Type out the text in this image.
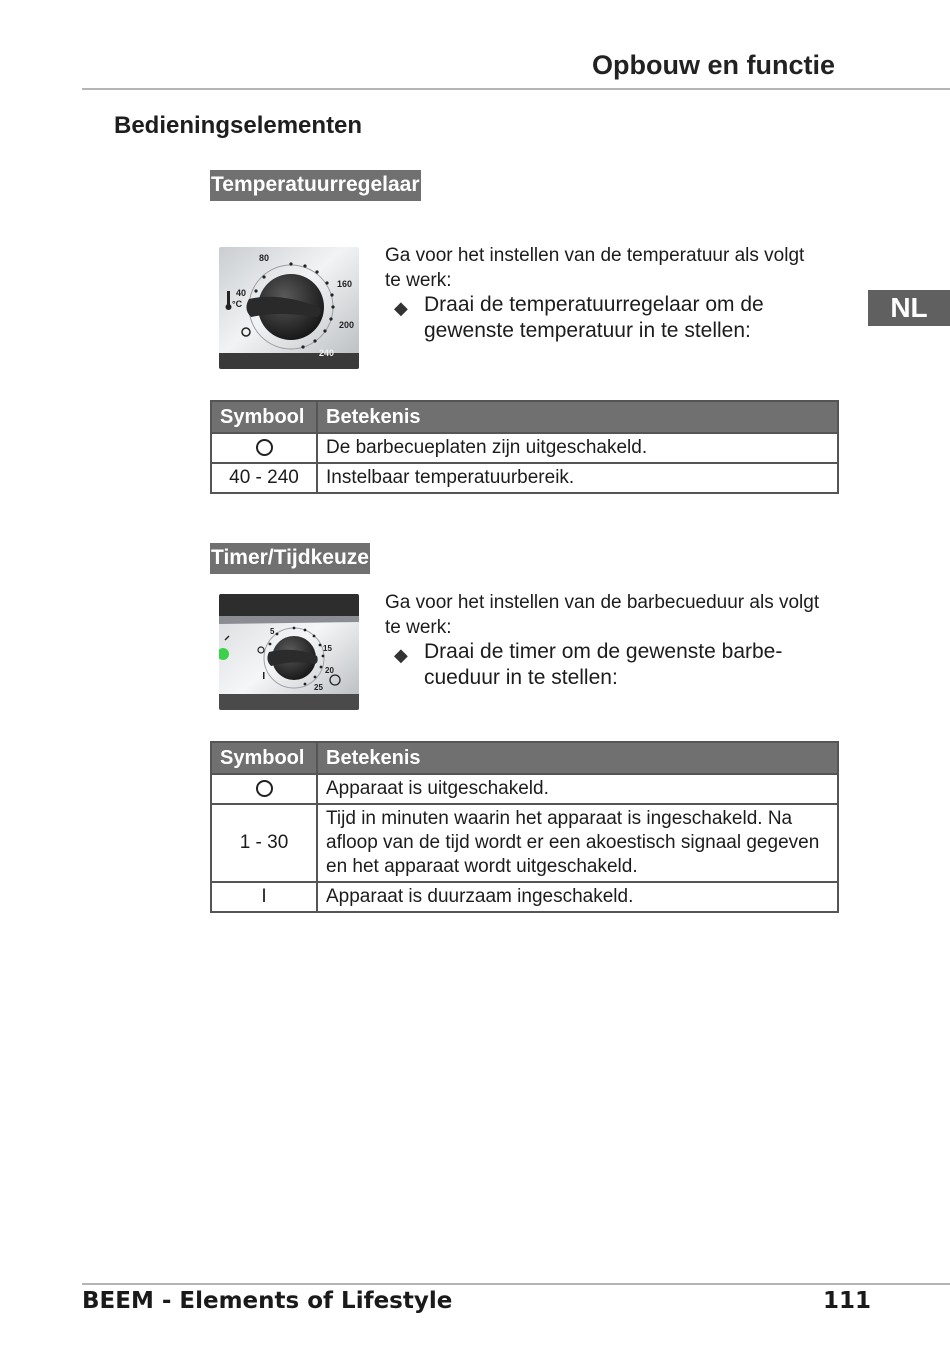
Opbouw en functie
NL
Bedieningselementen
Temperatuurregelaar
80
160
40
°C
200
240
Ga voor het instellen van de temperatuur als volgt te werk:
◆ Draai de temperatuurregelaar om de gewenste temperatuur in te stellen:
Symbool	Betekenis
	De barbecueplaten zijn uitgeschakeld.
40 - 240	Instelbaar temperatuurbereik.
Timer/Tijdkeuze
5
15
20
25
Ga voor het instellen van de barbecueduur als volgt te werk:
◆ Draai de timer om de gewenste barbe-cueduur in te stellen:
Symbool	Betekenis
	Apparaat is uitgeschakeld.
1 - 30	Tijd in minuten waarin het apparaat is ingeschakeld. Na afloop van de tijd wordt er een akoestisch signaal gegeven en het apparaat wordt uitgeschakeld.
I	Apparaat is duurzaam ingeschakeld.
BEEM - Elements of Lifestyle	111
